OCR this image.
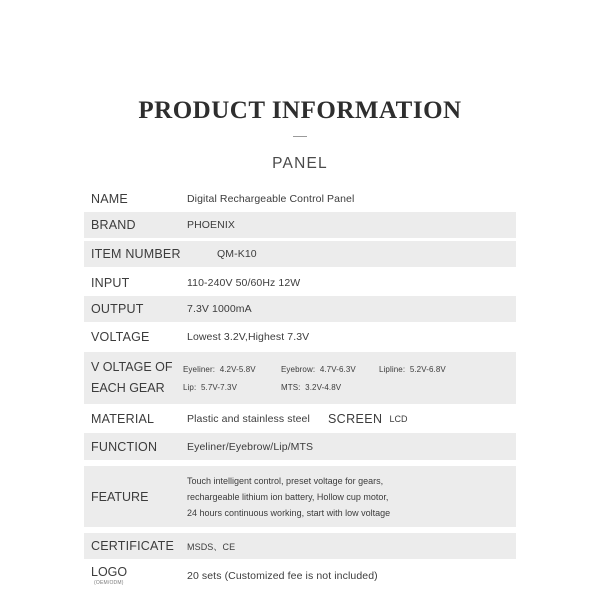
PRODUCT INFORMATION
PANEL
NAME	Digital Rechargeable Control Panel
BRAND	PHOENIX
ITEM NUMBER	QM-K10
INPUT	110-240V 50/60Hz 12W
OUTPUT	7.3V 1000mA
VOLTAGE	Lowest 3.2V,Highest 7.3V
V OLTAGE OF
EACH GEAR
Eyeliner: 4.2V-5.8V	Eyebrow: 4.7V-6.3V	Lipline: 5.2V-6.8V
Lip: 5.7V-7.3V	MTS: 3.2V-4.8V
MATERIAL	Plastic and stainless steel	SCREEN LCD
FUNCTION	Eyeliner/Eyebrow/Lip/MTS
FEATURE
Touch intelligent control, preset voltage for gears,
rechargeable lithium ion battery, Hollow cup motor,
24 hours continuous working, start with low voltage
CERTIFICATE	MSDS、CE
LOGO
(OEM/ODM)
20 sets (Customized fee is not included)
